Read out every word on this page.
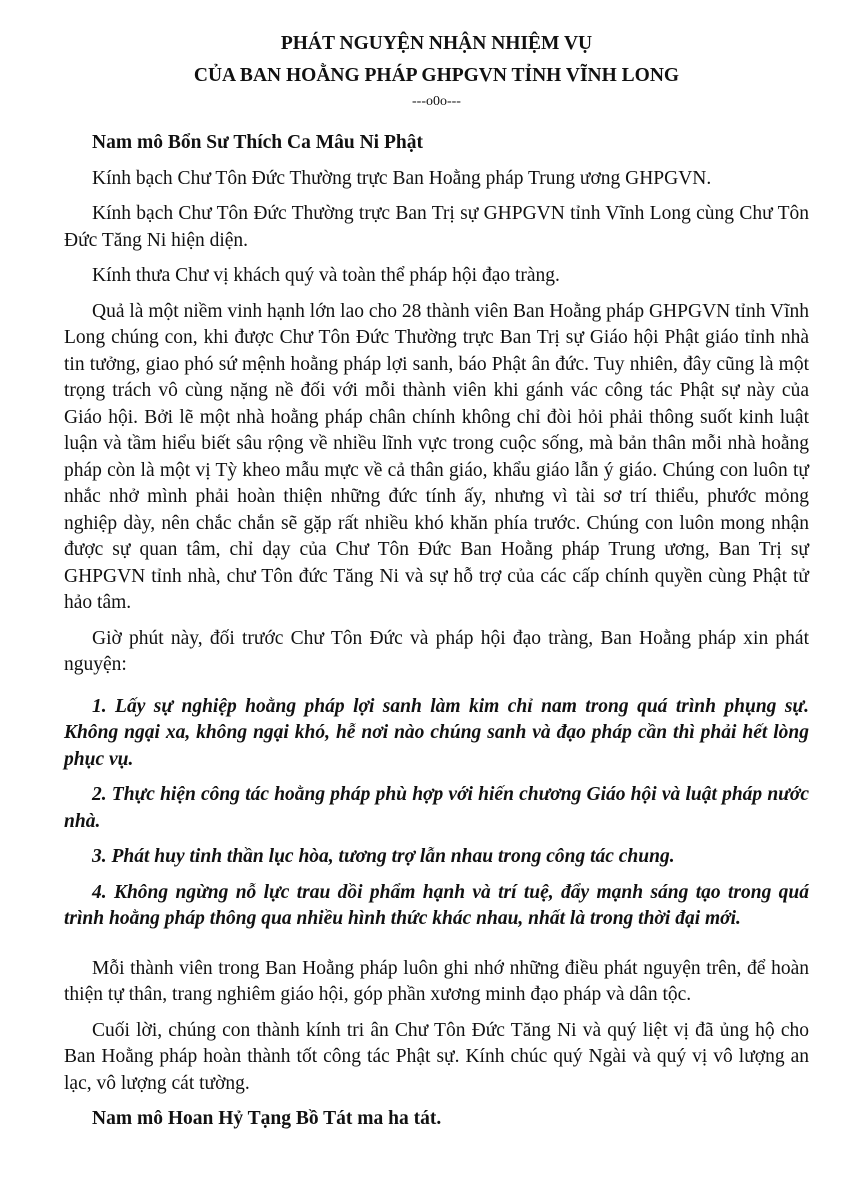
PHÁT NGUYỆN NHẬN NHIỆM VỤ
CỦA BAN HOẰNG PHÁP GHPGVN TỈNH VĨNH LONG
---o0o---

Nam mô Bổn Sư Thích Ca Mâu Ni Phật

Kính bạch Chư Tôn Đức Thường trực Ban Hoằng pháp Trung ương GHPGVN.

Kính bạch Chư Tôn Đức Thường trực Ban Trị sự GHPGVN tỉnh Vĩnh Long cùng Chư Tôn Đức Tăng Ni hiện diện.

Kính thưa Chư vị khách quý và toàn thể pháp hội đạo tràng.

Quả là một niềm vinh hạnh lớn lao cho 28 thành viên Ban Hoằng pháp GHPGVN tỉnh Vĩnh Long chúng con, khi được Chư Tôn Đức Thường trực Ban Trị sự Giáo hội Phật giáo tỉnh nhà tin tưởng, giao phó sứ mệnh hoằng pháp lợi sanh, báo Phật ân đức. Tuy nhiên, đây cũng là một trọng trách vô cùng nặng nề đối với mỗi thành viên khi gánh vác công tác Phật sự này của Giáo hội. Bởi lẽ một nhà hoằng pháp chân chính không chỉ đòi hỏi phải thông suốt kinh luật luận và tầm hiểu biết sâu rộng về nhiều lĩnh vực trong cuộc sống, mà bản thân mỗi nhà hoằng pháp còn là một vị Tỳ kheo mẫu mực về cả thân giáo, khẩu giáo lẫn ý giáo. Chúng con luôn tự nhắc nhở mình phải hoàn thiện những đức tính ấy, nhưng vì tài sơ trí thiểu, phước mỏng nghiệp dày, nên chắc chắn sẽ gặp rất nhiều khó khăn phía trước. Chúng con luôn mong nhận được sự quan tâm, chỉ dạy của Chư Tôn Đức Ban Hoằng pháp Trung ương, Ban Trị sự GHPGVN tỉnh nhà, chư Tôn đức Tăng Ni và sự hỗ trợ của các cấp chính quyền cùng Phật tử hảo tâm.

Giờ phút này, đối trước Chư Tôn Đức và pháp hội đạo tràng, Ban Hoằng pháp xin phát nguyện:

1. Lấy sự nghiệp hoằng pháp lợi sanh làm kim chỉ nam trong quá trình phụng sự. Không ngại xa, không ngại khó, hễ nơi nào chúng sanh và đạo pháp cần thì phải hết lòng phục vụ.

2. Thực hiện công tác hoằng pháp phù hợp với hiến chương Giáo hội và luật pháp nước nhà.

3. Phát huy tinh thần lục hòa, tương trợ lẫn nhau trong công tác chung.

4. Không ngừng nỗ lực trau dồi phẩm hạnh và trí tuệ, đẩy mạnh sáng tạo trong quá trình hoằng pháp thông qua nhiều hình thức khác nhau, nhất là trong thời đại mới.

Mỗi thành viên trong Ban Hoằng pháp luôn ghi nhớ những điều phát nguyện trên, để hoàn thiện tự thân, trang nghiêm giáo hội, góp phần xương minh đạo pháp và dân tộc.

Cuối lời, chúng con thành kính tri ân Chư Tôn Đức Tăng Ni và quý liệt vị đã ủng hộ cho Ban Hoằng pháp hoàn thành tốt công tác Phật sự. Kính chúc quý Ngài và quý vị vô lượng an lạc, vô lượng cát tường.

Nam mô Hoan Hỷ Tạng Bồ Tát ma ha tát.
